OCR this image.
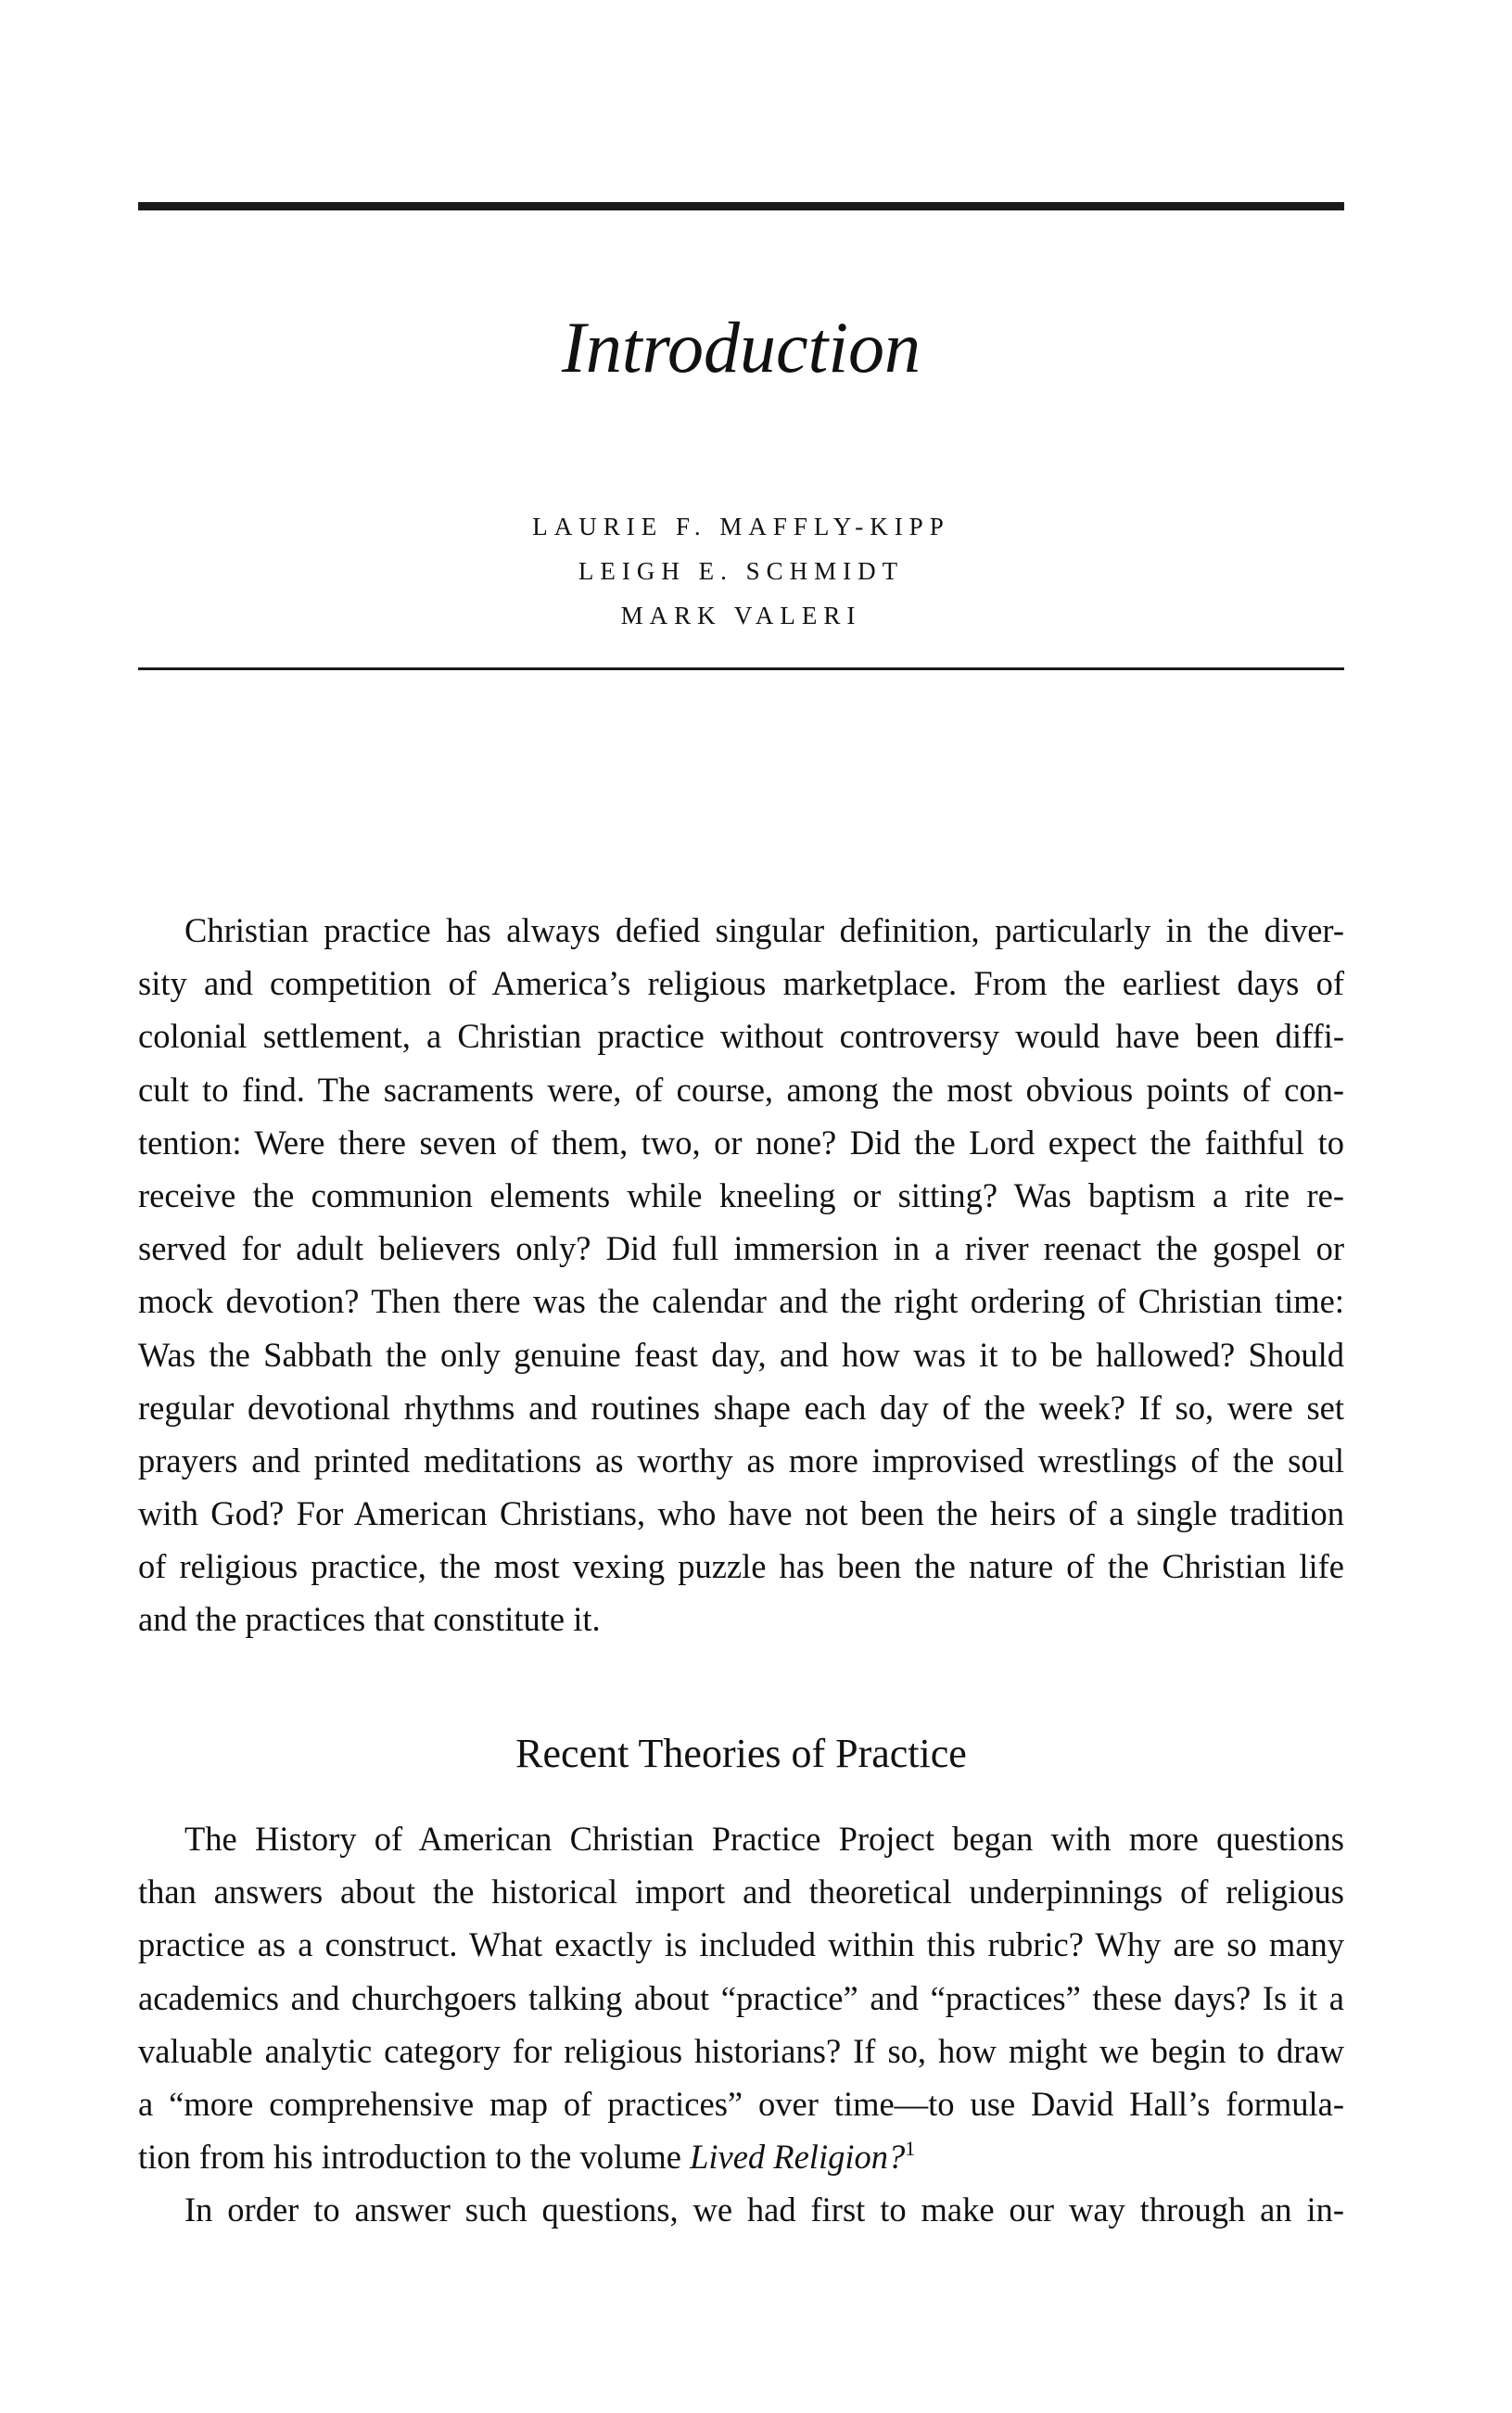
Introduction
LAURIE F. MAFFLY-KIPP
LEIGH E. SCHMIDT
MARK VALERI
Christian practice has always defied singular definition, particularly in the diver-
sity and competition of America’s religious marketplace. From the earliest days of
colonial settlement, a Christian practice without controversy would have been diffi-
cult to find. The sacraments were, of course, among the most obvious points of con-
tention: Were there seven of them, two, or none? Did the Lord expect the faithful to
receive the communion elements while kneeling or sitting? Was baptism a rite re-
served for adult believers only? Did full immersion in a river reenact the gospel or
mock devotion? Then there was the calendar and the right ordering of Christian time:
Was the Sabbath the only genuine feast day, and how was it to be hallowed? Should
regular devotional rhythms and routines shape each day of the week? If so, were set
prayers and printed meditations as worthy as more improvised wrestlings of the soul
with God? For American Christians, who have not been the heirs of a single tradition
of religious practice, the most vexing puzzle has been the nature of the Christian life
and the practices that constitute it.
Recent Theories of Practice
The History of American Christian Practice Project began with more questions
than answers about the historical import and theoretical underpinnings of religious
practice as a construct. What exactly is included within this rubric? Why are so many
academics and churchgoers talking about “practice” and “practices” these days? Is it a
valuable analytic category for religious historians? If so, how might we begin to draw
a “more comprehensive map of practices” over time—to use David Hall’s formula-
tion from his introduction to the volume Lived Religion?$^1$
In order to answer such questions, we had first to make our way through an in-
